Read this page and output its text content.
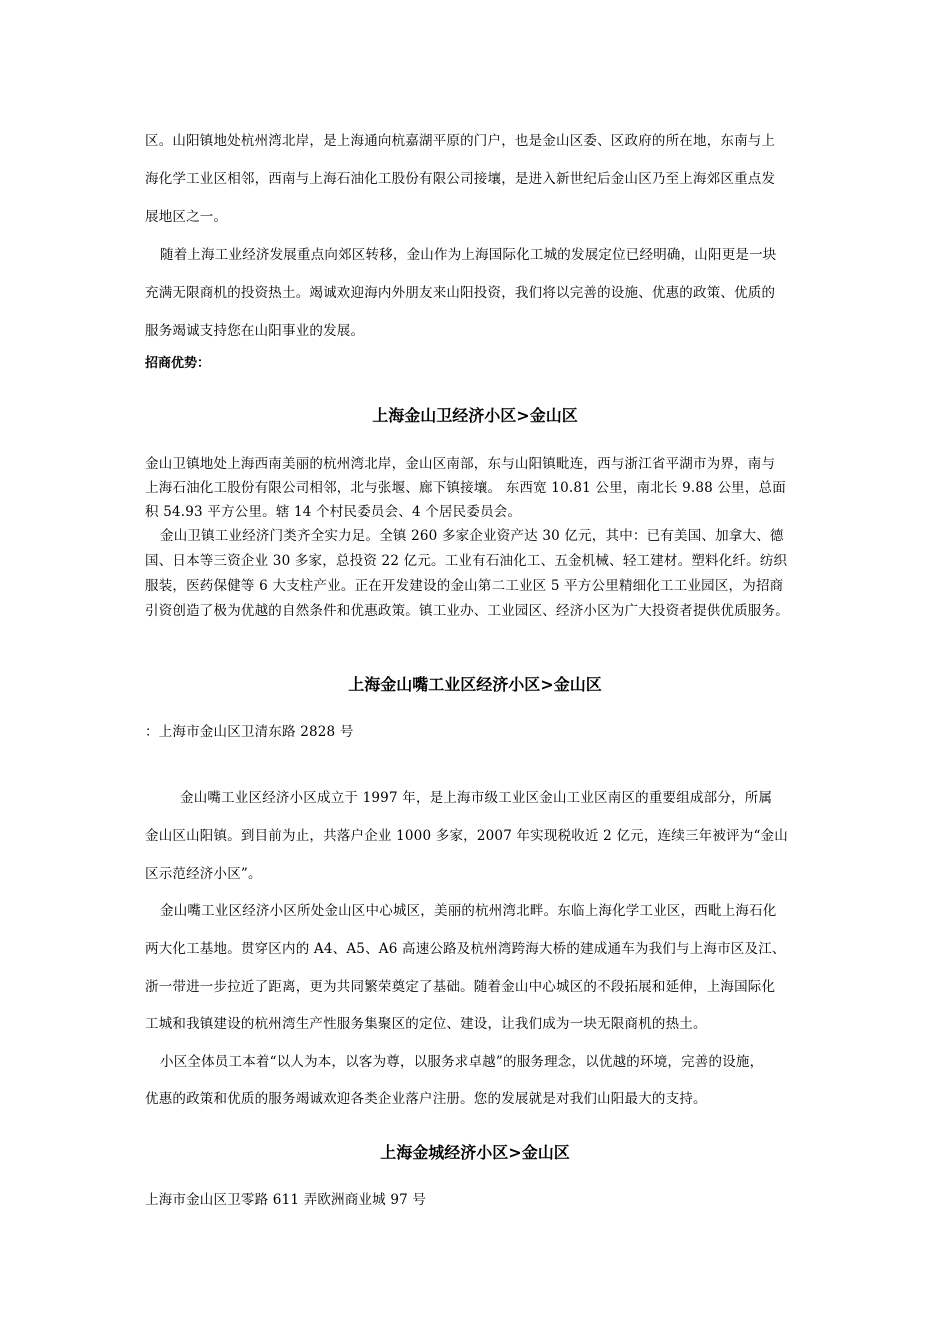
区。山阳镇地处杭州湾北岸，是上海通向杭嘉湖平原的门户，也是金山区委、区政府的所在地，东南与上
海化学工业区相邻，西南与上海石油化工股份有限公司接壤，是进入新世纪后金山区乃至上海郊区重点发
展地区之一。
随着上海工业经济发展重点向郊区转移，金山作为上海国际化工城的发展定位已经明确，山阳更是一块
充满无限商机的投资热土。竭诚欢迎海内外朋友来山阳投资，我们将以完善的设施、优惠的政策、优质的
服务竭诚支持您在山阳事业的发展。
招商优势：
上海金山卫经济小区>金山区
金山卫镇地处上海西南美丽的杭州湾北岸，金山区南部，东与山阳镇毗连，西与浙江省平湖市为界，南与
上海石油化工股份有限公司相邻，北与张堰、廊下镇接壤。 东西宽 10.81 公里，南北长 9.88 公里，总面
积 54.93 平方公里。辖 14 个村民委员会、4 个居民委员会。
金山卫镇工业经济门类齐全实力足。全镇 260 多家企业资产达 30 亿元，其中：已有美国、加拿大、德
国、日本等三资企业 30 多家，总投资 22 亿元。工业有石油化工、五金机械、轻工建材。塑料化纤。纺织
服装，医药保健等 6 大支柱产业。正在开发建设的金山第二工业区 5 平方公里精细化工工业园区，为招商
引资创造了极为优越的自然条件和优惠政策。镇工业办、工业园区、经济小区为广大投资者提供优质服务。
上海金山嘴工业区经济小区>金山区
：上海市金山区卫清东路 2828 号
金山嘴工业区经济小区成立于 1997 年，是上海市级工业区金山工业区南区的重要组成部分，所属
金山区山阳镇。到目前为止，共落户企业 1000 多家，2007 年实现税收近 2 亿元，连续三年被评为“金山
区示范经济小区”。
金山嘴工业区经济小区所处金山区中心城区，美丽的杭州湾北畔。东临上海化学工业区，西毗上海石化
两大化工基地。贯穿区内的 A4、A5、A6 高速公路及杭州湾跨海大桥的建成通车为我们与上海市区及江、
浙一带进一步拉近了距离，更为共同繁荣奠定了基础。随着金山中心城区的不段拓展和延伸，上海国际化
工城和我镇建设的杭州湾生产性服务集聚区的定位、建设，让我们成为一块无限商机的热土。
小区全体员工本着“以人为本，以客为尊，以服务求卓越”的服务理念，以优越的环境，完善的设施，
优惠的政策和优质的服务竭诚欢迎各类企业落户注册。您的发展就是对我们山阳最大的支持。
上海金城经济小区>金山区
上海市金山区卫零路 611 弄欧洲商业城 97 号
